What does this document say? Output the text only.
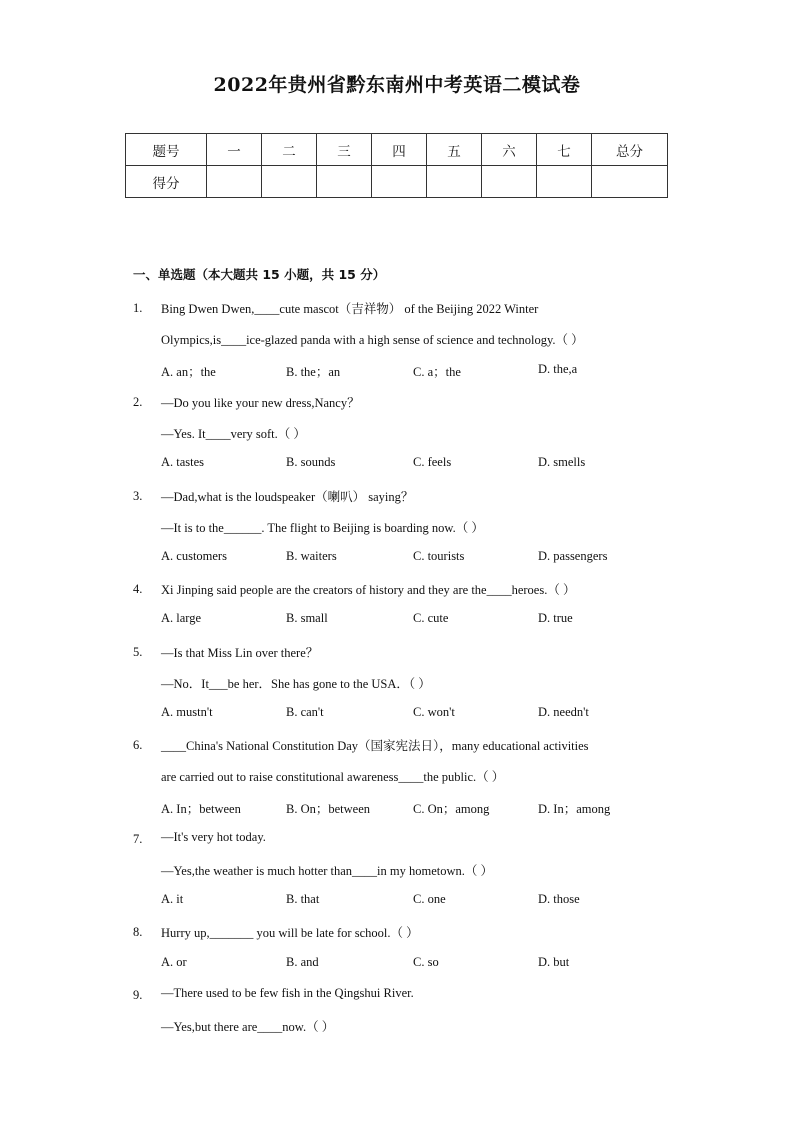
2022年贵州省黔东南州中考英语二模试卷
题号	一	二	三	四	五	六	七	总分
得分								
一、单选题（本大题共 15 小题，共 15 分）
1. Bing Dwen Dwen,____cute mascot（吉祥物） of the Beijing 2022 Winter
Olympics,is____ice-glazed panda with a high sense of science and technology.（ ）
A. an；the	B. the；an	C. a；the	D. the,a
2. —Do you like your new dress,Nancy？
—Yes. It____very soft.（ ）
A. tastes	B. sounds	C. feels	D. smells
3. —Dad,what is the loudspeaker（喇叭） saying？
—It is to the______. The flight to Beijing is boarding now.（ ）
A. customers	B. waiters	C. tourists	D. passengers
4. Xi Jinping said people are the creators of history and they are the____heroes.（ ）
A. large	B. small	C. cute	D. true
5. —Is that Miss Lin over there？
—No．It___be her．She has gone to the USA．（ ）
A. mustn't	B. can't	C. won't	D. needn't
6. ____China's National Constitution Day（国家宪法日），many educational activities
are carried out to raise constitutional awareness____the public.（ ）
A. In；between	B. On；between	C. On；among	D. In；among
7. —It's very hot today.
—Yes,the weather is much hotter than____in my hometown.（ ）
A. it	B. that	C. one	D. those
8. Hurry up,_______ you will be late for school.（ ）
A. or	B. and	C. so	D. but
9. —There used to be few fish in the Qingshui River.
—Yes,but there are____now.（ ）
